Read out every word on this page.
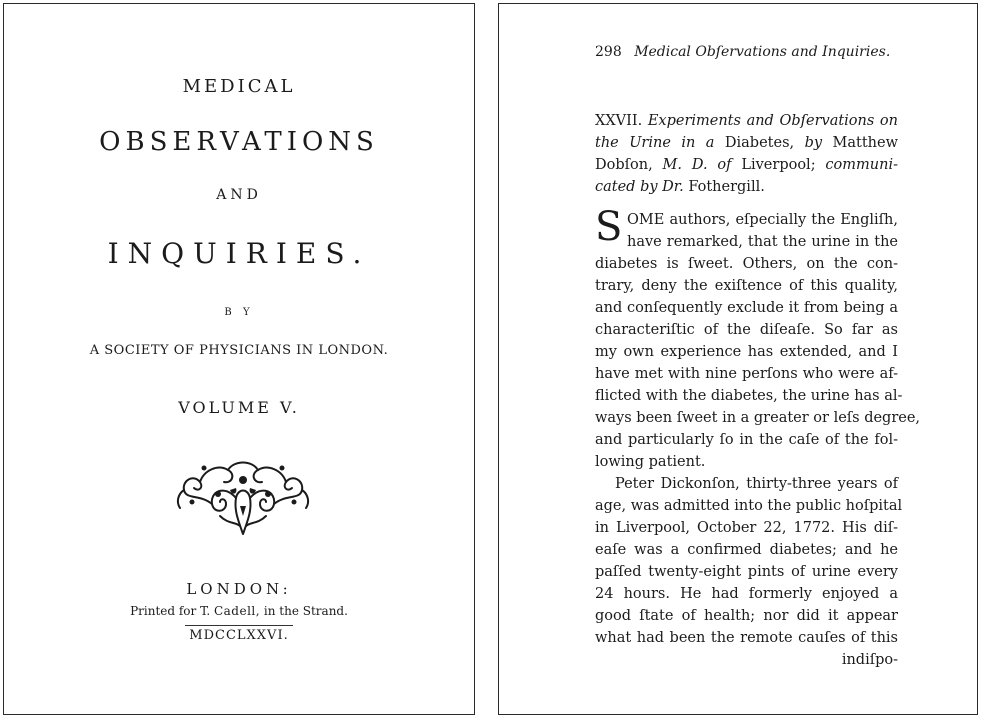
MEDICAL
OBSERVATIONS
AND
INQUIRIES.
B Y
A SOCIETY OF PHYSICIANS IN LONDON.
VOLUME V.
LONDON:
Printed for T. Cadell, in the Strand.
MDCCLXXVI.
298 Medical Obſervations and Inquiries.
XXVII. Experiments and Obſervations on
the Urine in a Diabetes, by Matthew
Dobſon, M. D. of Liverpool; communi-
cated by Dr. Fothergill.
S OME authors, eſpecially the Engliſh,
have remarked, that the urine in the
diabetes is ſweet. Others, on the con-
trary, deny the exiſtence of this quality,
and conſequently exclude it from being a
characteriſtic of the diſeaſe. So far as
my own experience has extended, and I
have met with nine perſons who were af-
flicted with the diabetes, the urine has al-
ways been ſweet in a greater or leſs degree,
and particularly ſo in the caſe of the fol-
lowing patient.
Peter Dickonſon, thirty-three years of
age, was admitted into the public hoſpital
in Liverpool, October 22, 1772. His diſ-
eaſe was a confirmed diabetes; and he
paſſed twenty-eight pints of urine every
24 hours. He had formerly enjoyed a
good ſtate of health; nor did it appear
what had been the remote cauſes of this
indiſpo-
